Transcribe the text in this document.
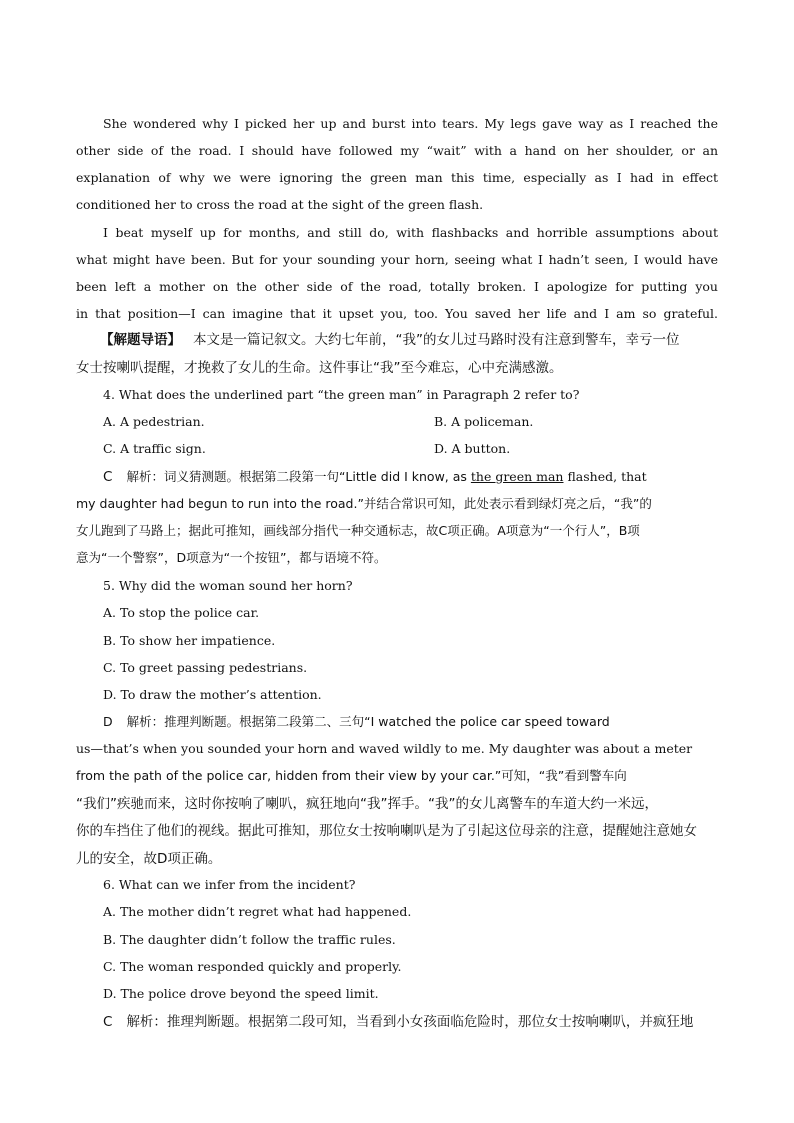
She wondered why I picked her up and burst into tears. My legs gave way as I reached the
other side of the road. I should have followed my “wait” with a hand on her shoulder, or an
explanation of why we were ignoring the green man this time, especially as I had in effect
conditioned her to cross the road at the sight of the green flash.
I beat myself up for months, and still do, with flashbacks and horrible assumptions about
what might have been. But for your sounding your horn, seeing what I hadn’t seen, I would have
been left a mother on the other side of the road, totally broken. I apologize for putting you
in that position—I can imagine that it upset you, too. You saved her life and I am so grateful.
【解题导语】 本文是一篇记叙文。大约七年前，“我”的女儿过马路时没有注意到警车，幸亏一位
女士按喇叭提醒，才挽救了女儿的生命。这件事让“我”至今难忘，心中充满感激。
4. What does the underlined part “the green man” in Paragraph 2 refer to?
A. A pedestrian.	B. A policeman.
C. A traffic sign.	D. A button.
C 解析：词义猜测题。根据第二段第一句“Little did I know, as the green man flashed, that
my daughter had begun to run into the road.”并结合常识可知，此处表示看到绿灯亮之后，“我”的
女儿跑到了马路上；据此可推知，画线部分指代一种交通标志，故C项正确。A项意为“一个行人”，B项
意为“一个警察”，D项意为“一个按钮”，都与语境不符。
5. Why did the woman sound her horn?
A. To stop the police car.
B. To show her impatience.
C. To greet passing pedestrians.
D. To draw the mother’s attention.
D 解析：推理判断题。根据第二段第二、三句“I watched the police car speed toward
us—that’s when you sounded your horn and waved wildly to me. My daughter was about a meter
from the path of the police car, hidden from their view by your car.”可知，“我”看到警车向
“我们”疾驰而来，这时你按响了喇叭，疯狂地向“我”挥手。“我”的女儿离警车的车道大约一米远，
你的车挡住了他们的视线。据此可推知，那位女士按响喇叭是为了引起这位母亲的注意，提醒她注意她女
儿的安全，故D项正确。
6. What can we infer from the incident?
A. The mother didn’t regret what had happened.
B. The daughter didn’t follow the traffic rules.
C. The woman responded quickly and properly.
D. The police drove beyond the speed limit.
C 解析：推理判断题。根据第二段可知，当看到小女孩面临危险时，那位女士按响喇叭，并疯狂地
